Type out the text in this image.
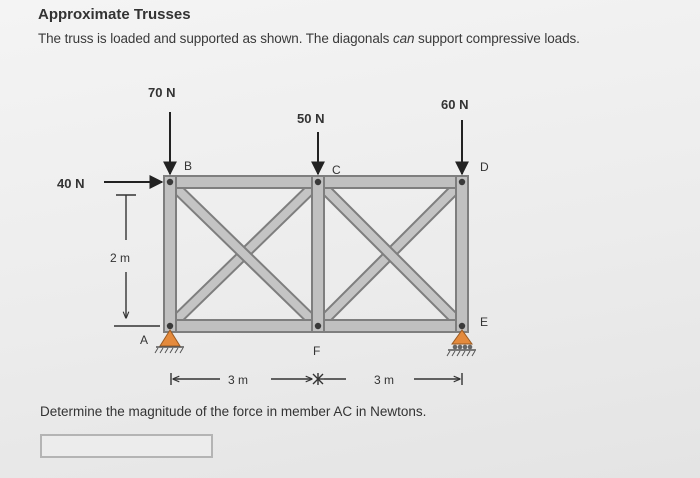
Approximate Trusses
The truss is loaded and supported as shown. The diagonals can support compressive loads.
70 N
50 N
60 N
40 N
B	C	D
A
F
E
2 m
3 m	3 m
Determine the magnitude of the force in member AC in Newtons.
